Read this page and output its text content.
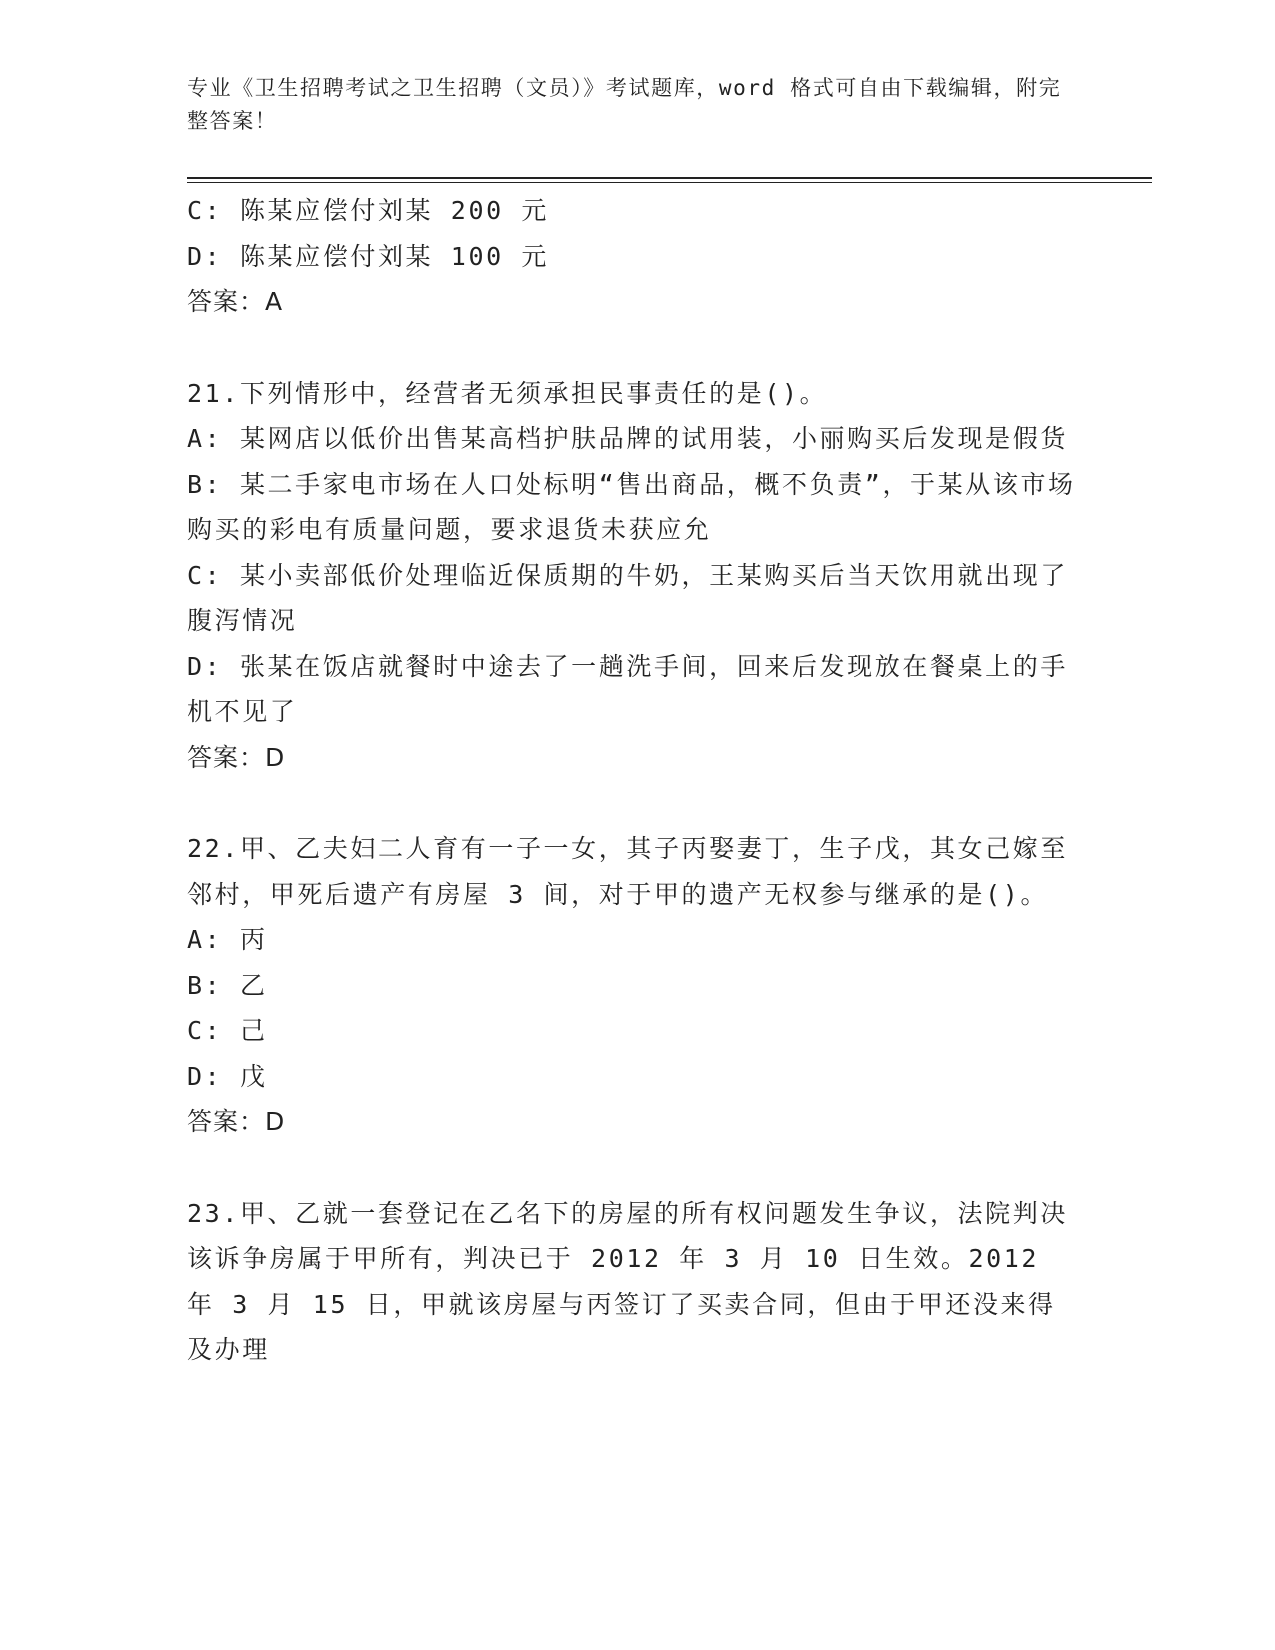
专业《卫生招聘考试之卫生招聘（文员）》考试题库，word 格式可自由下载编辑，附完整答案！

C: 陈某应偿付刘某 200 元

D: 陈某应偿付刘某 100 元

答案：A

21.下列情形中，经营者无须承担民事责任的是()。

A: 某网店以低价出售某高档护肤品牌的试用装，小丽购买后发现是假货

B: 某二手家电市场在人口处标明“售出商品，概不负责”，于某从该市场购买的彩电有质量问题，要求退货未获应允

C: 某小卖部低价处理临近保质期的牛奶，王某购买后当天饮用就出现了腹泻情况

D: 张某在饭店就餐时中途去了一趟洗手间，回来后发现放在餐桌上的手机不见了

答案：D

22.甲、乙夫妇二人育有一子一女，其子丙娶妻丁，生子戊，其女己嫁至邻村，甲死后遗产有房屋 3 间，对于甲的遗产无权参与继承的是()。

A: 丙

B: 乙

C: 己

D: 戊

答案：D

23.甲、乙就一套登记在乙名下的房屋的所有权问题发生争议，法院判决该诉争房属于甲所有，判决已于 2012 年 3 月 10 日生效。2012 年 3 月 15 日，甲就该房屋与丙签订了买卖合同，但由于甲还没来得及办理
